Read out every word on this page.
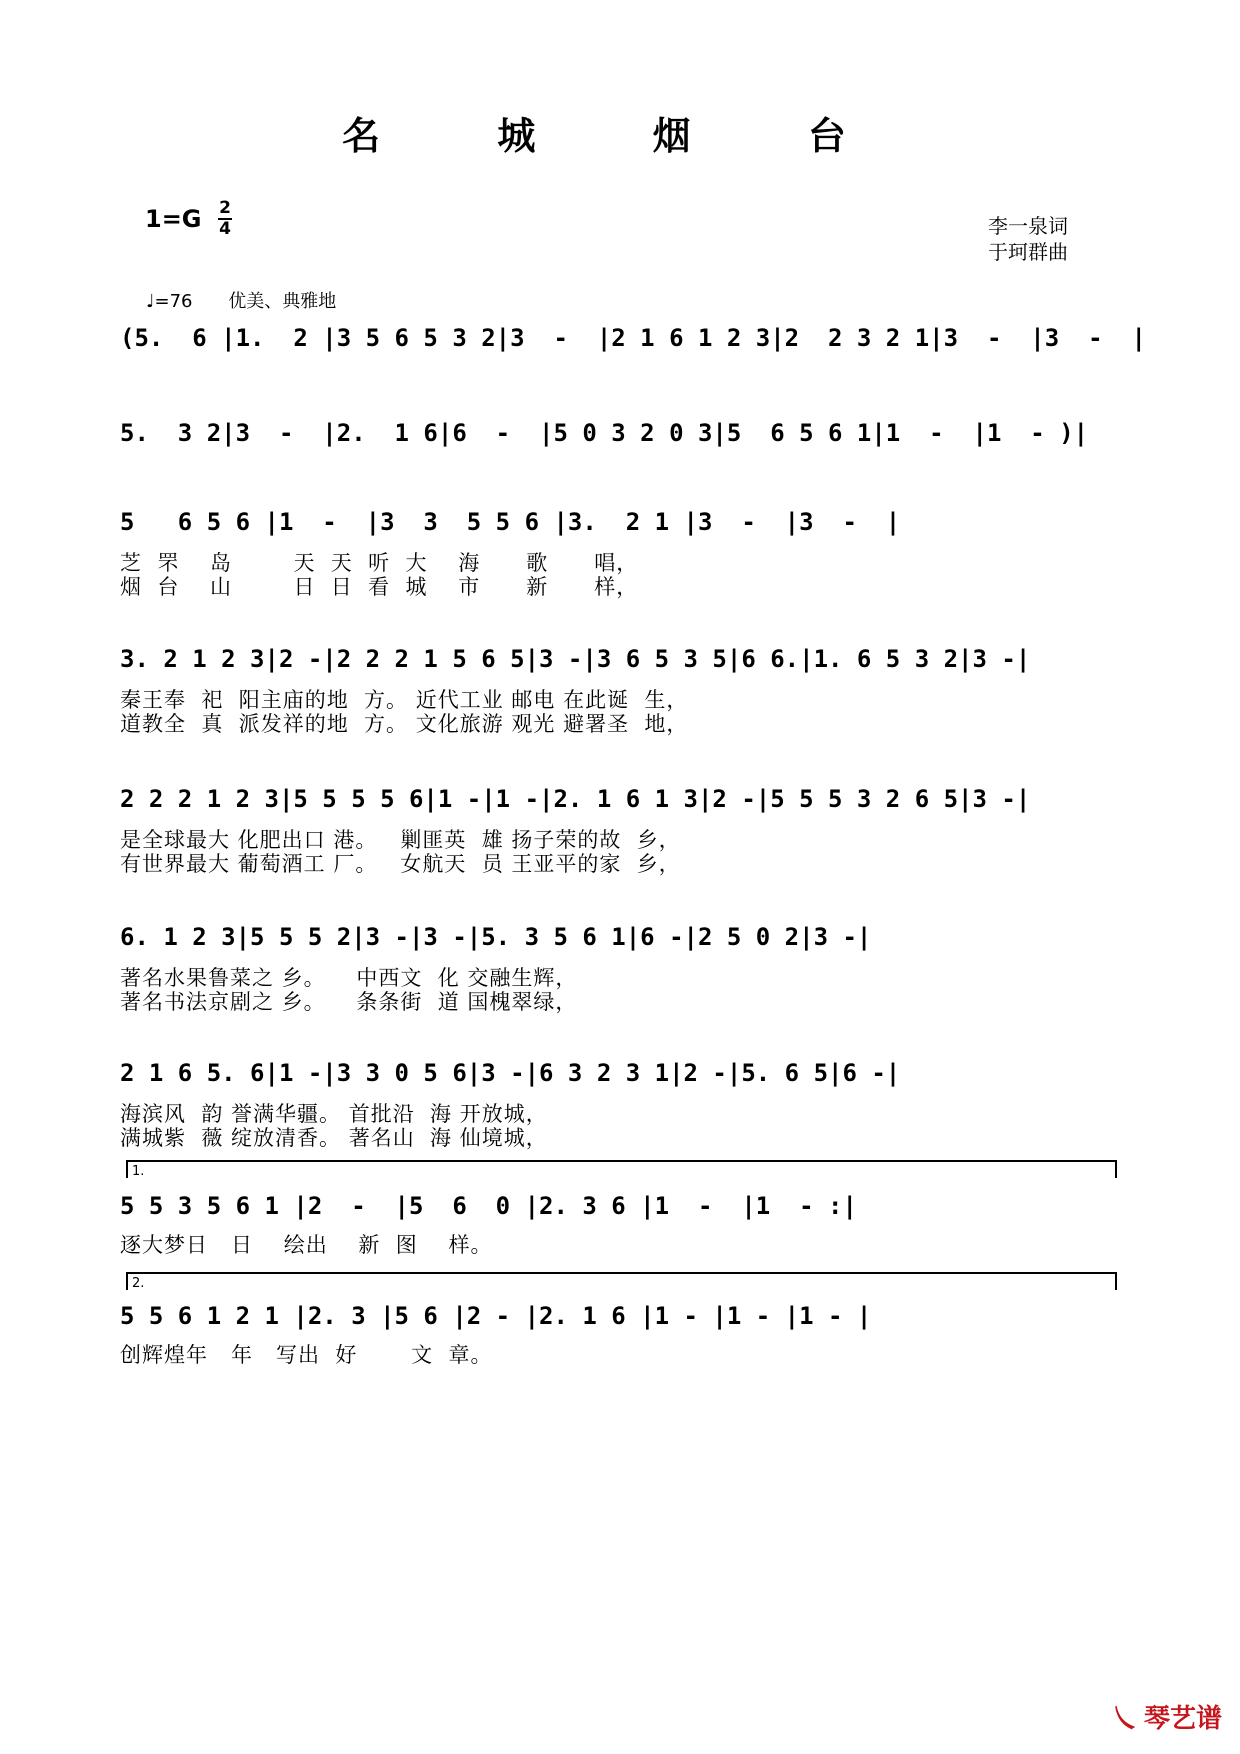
名 城 烟 台
1=G 2
4	李一泉词
于珂群曲
♩=76 优美、典雅地
(5.  6 |1.  2 |3 5 6 5 3 2|3  -  |2 1 6 1 2 3|2  2 3 2 1|3  -  |3  -  |
5.  3 2|3  -  |2.  1 6|6  -  |5 0 3 2 0 3|5  6 5 6 1|1  -  |1  - )|
5   6 5 6 |1  -  |3  3  5 5 6 |3.  2 1 |3  -  |3  -  |
芝  罘    岛        天  天  听  大    海      歌      唱，
烟  台    山        日  日  看  城    市      新      样，
3. 2 1 2 3|2 -|2 2 2 1 5 6 5|3 -|3 6 5 3 5|6 6.|1. 6 5 3 2|3 -|
秦王奉  祀  阳主庙的地  方。 近代工业 邮电 在此诞  生，
道教全  真  派发祥的地  方。 文化旅游 观光 避署圣  地，
2 2 2 1 2 3|5 5 5 5 6|1 -|1 -|2. 1 6 1 3|2 -|5 5 5 3 2 6 5|3 -|
是全球最大 化肥出口 港。   剿匪英  雄 扬子荣的故  乡，
有世界最大 葡萄酒工 厂。   女航天  员 王亚平的家  乡，
6. 1 2 3|5 5 5 2|3 -|3 -|5. 3 5 6 1|6 -|2 5 0 2|3 -|
著名水果鲁菜之 乡。    中西文  化 交融生辉，
著名书法京剧之 乡。    条条街  道 国槐翠绿，
2 1 6 5. 6|1 -|3 3 0 5 6|3 -|6 3 2 3 1|2 -|5. 6 5|6 -|
海滨风  韵 誉满华疆。 首批沿  海 开放城，
满城紫  薇 绽放清香。 著名山  海 仙境城，
1.
5 5 3 5 6 1 |2  -  |5  6  0 |2. 3 6 |1  -  |1  - :|
逐大梦日   日    绘出    新  图    样。
2.
5 5 6 1 2 1 |2. 3 |5 6 |2 - |2. 1 6 |1 - |1 - |1 - |
创辉煌年   年   写出  好       文  章。
㇏ 琴艺谱
